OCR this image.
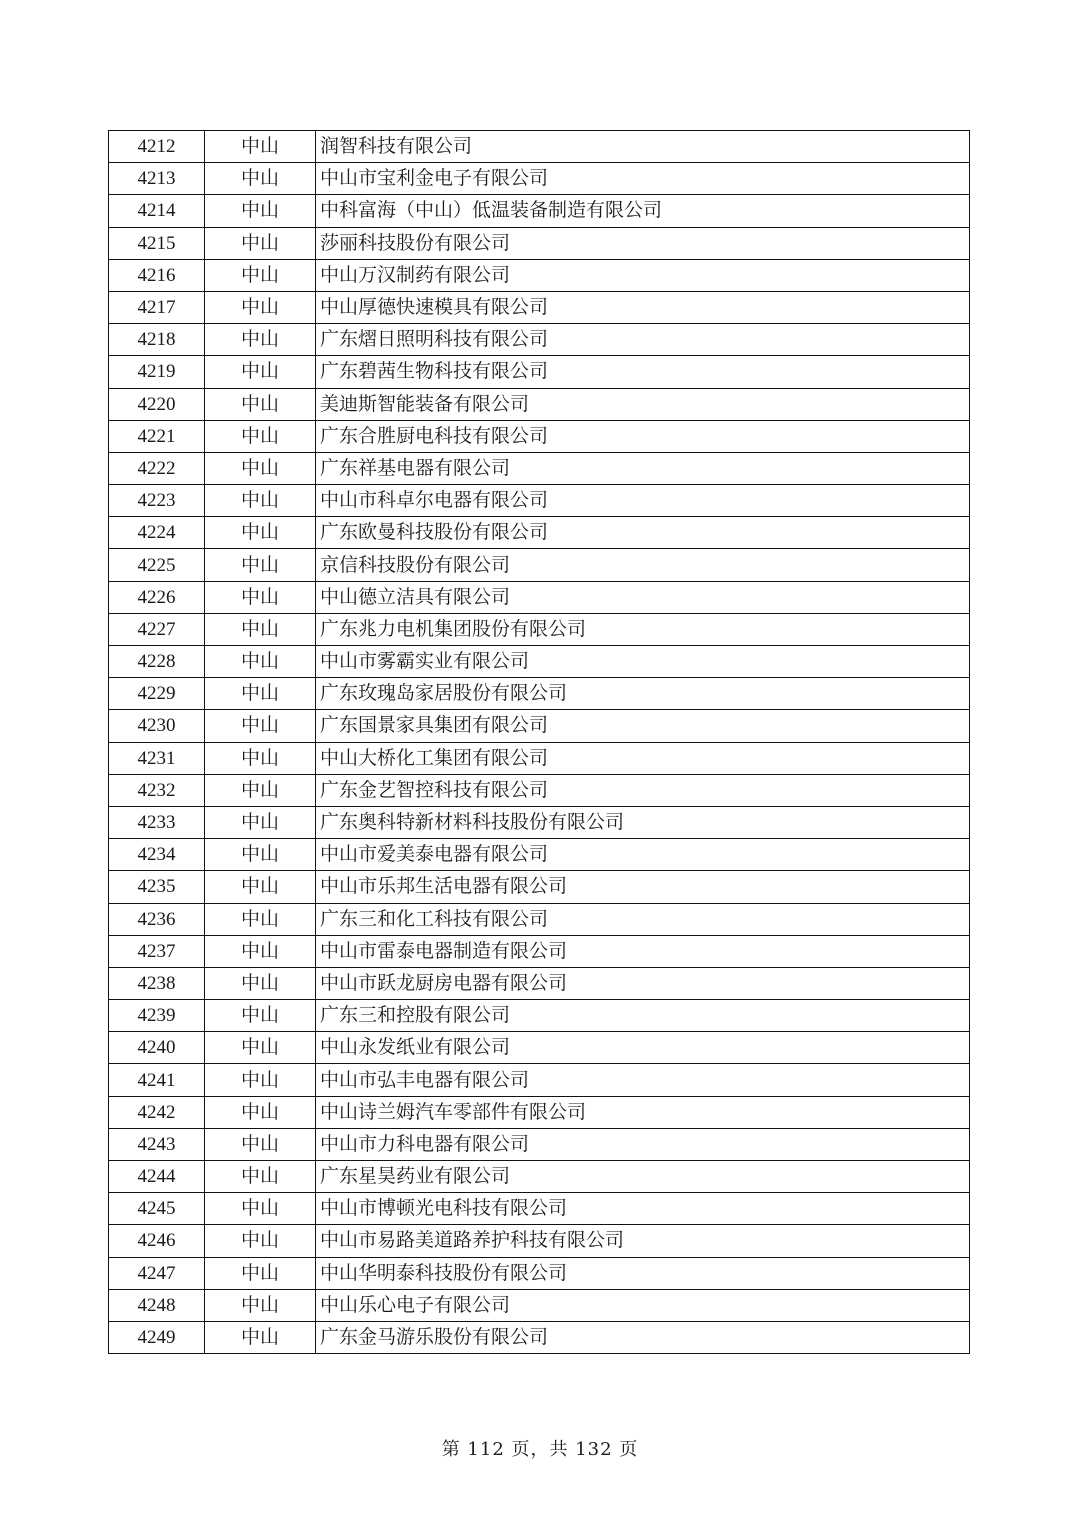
4212	中山	润智科技有限公司
4213	中山	中山市宝利金电子有限公司
4214	中山	中科富海（中山）低温装备制造有限公司
4215	中山	莎丽科技股份有限公司
4216	中山	中山万汉制药有限公司
4217	中山	中山厚德快速模具有限公司
4218	中山	广东熠日照明科技有限公司
4219	中山	广东碧茜生物科技有限公司
4220	中山	美迪斯智能装备有限公司
4221	中山	广东合胜厨电科技有限公司
4222	中山	广东祥基电器有限公司
4223	中山	中山市科卓尔电器有限公司
4224	中山	广东欧曼科技股份有限公司
4225	中山	京信科技股份有限公司
4226	中山	中山德立洁具有限公司
4227	中山	广东兆力电机集团股份有限公司
4228	中山	中山市雾霸实业有限公司
4229	中山	广东玫瑰岛家居股份有限公司
4230	中山	广东国景家具集团有限公司
4231	中山	中山大桥化工集团有限公司
4232	中山	广东金艺智控科技有限公司
4233	中山	广东奥科特新材料科技股份有限公司
4234	中山	中山市爱美泰电器有限公司
4235	中山	中山市乐邦生活电器有限公司
4236	中山	广东三和化工科技有限公司
4237	中山	中山市雷泰电器制造有限公司
4238	中山	中山市跃龙厨房电器有限公司
4239	中山	广东三和控股有限公司
4240	中山	中山永发纸业有限公司
4241	中山	中山市弘丰电器有限公司
4242	中山	中山诗兰姆汽车零部件有限公司
4243	中山	中山市力科电器有限公司
4244	中山	广东星昊药业有限公司
4245	中山	中山市博顿光电科技有限公司
4246	中山	中山市易路美道路养护科技有限公司
4247	中山	中山华明泰科技股份有限公司
4248	中山	中山乐心电子有限公司
4249	中山	广东金马游乐股份有限公司
第 112 页，共 132 页
